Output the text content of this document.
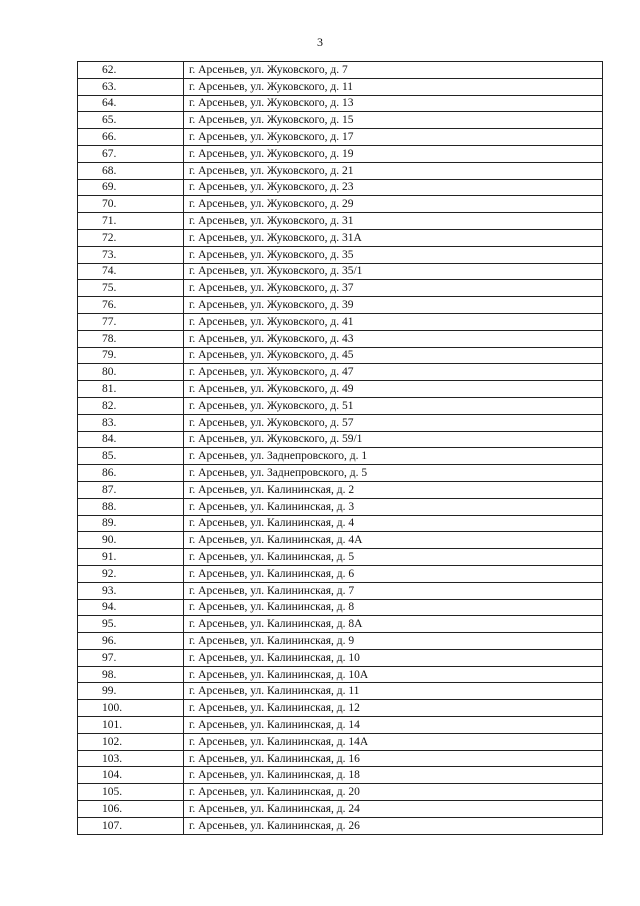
3
62.	г. Арсеньев, ул. Жуковского, д. 7
63.	г. Арсеньев, ул. Жуковского, д. 11
64.	г. Арсеньев, ул. Жуковского, д. 13
65.	г. Арсеньев, ул. Жуковского, д. 15
66.	г. Арсеньев, ул. Жуковского, д. 17
67.	г. Арсеньев, ул. Жуковского, д. 19
68.	г. Арсеньев, ул. Жуковского, д. 21
69.	г. Арсеньев, ул. Жуковского, д. 23
70.	г. Арсеньев, ул. Жуковского, д. 29
71.	г. Арсеньев, ул. Жуковского, д. 31
72.	г. Арсеньев, ул. Жуковского, д. 31А
73.	г. Арсеньев, ул. Жуковского, д. 35
74.	г. Арсеньев, ул. Жуковского, д. 35/1
75.	г. Арсеньев, ул. Жуковского, д. 37
76.	г. Арсеньев, ул. Жуковского, д. 39
77.	г. Арсеньев, ул. Жуковского, д. 41
78.	г. Арсеньев, ул. Жуковского, д. 43
79.	г. Арсеньев, ул. Жуковского, д. 45
80.	г. Арсеньев, ул. Жуковского, д. 47
81.	г. Арсеньев, ул. Жуковского, д. 49
82.	г. Арсеньев, ул. Жуковского, д. 51
83.	г. Арсеньев, ул. Жуковского, д. 57
84.	г. Арсеньев, ул. Жуковского, д. 59/1
85.	г. Арсеньев, ул. Заднепровского, д. 1
86.	г. Арсеньев, ул. Заднепровского, д. 5
87.	г. Арсеньев, ул. Калининская, д. 2
88.	г. Арсеньев, ул. Калининская, д. 3
89.	г. Арсеньев, ул. Калининская, д. 4
90.	г. Арсеньев, ул. Калининская, д. 4А
91.	г. Арсеньев, ул. Калининская, д. 5
92.	г. Арсеньев, ул. Калининская, д. 6
93.	г. Арсеньев, ул. Калининская, д. 7
94.	г. Арсеньев, ул. Калининская, д. 8
95.	г. Арсеньев, ул. Калининская, д. 8А
96.	г. Арсеньев, ул. Калининская, д. 9
97.	г. Арсеньев, ул. Калининская, д. 10
98.	г. Арсеньев, ул. Калининская, д. 10А
99.	г. Арсеньев, ул. Калининская, д. 11
100.	г. Арсеньев, ул. Калининская, д. 12
101.	г. Арсеньев, ул. Калининская, д. 14
102.	г. Арсеньев, ул. Калининская, д. 14А
103.	г. Арсеньев, ул. Калининская, д. 16
104.	г. Арсеньев, ул. Калининская, д. 18
105.	г. Арсеньев, ул. Калининская, д. 20
106.	г. Арсеньев, ул. Калининская, д. 24
107.	г. Арсеньев, ул. Калининская, д. 26
